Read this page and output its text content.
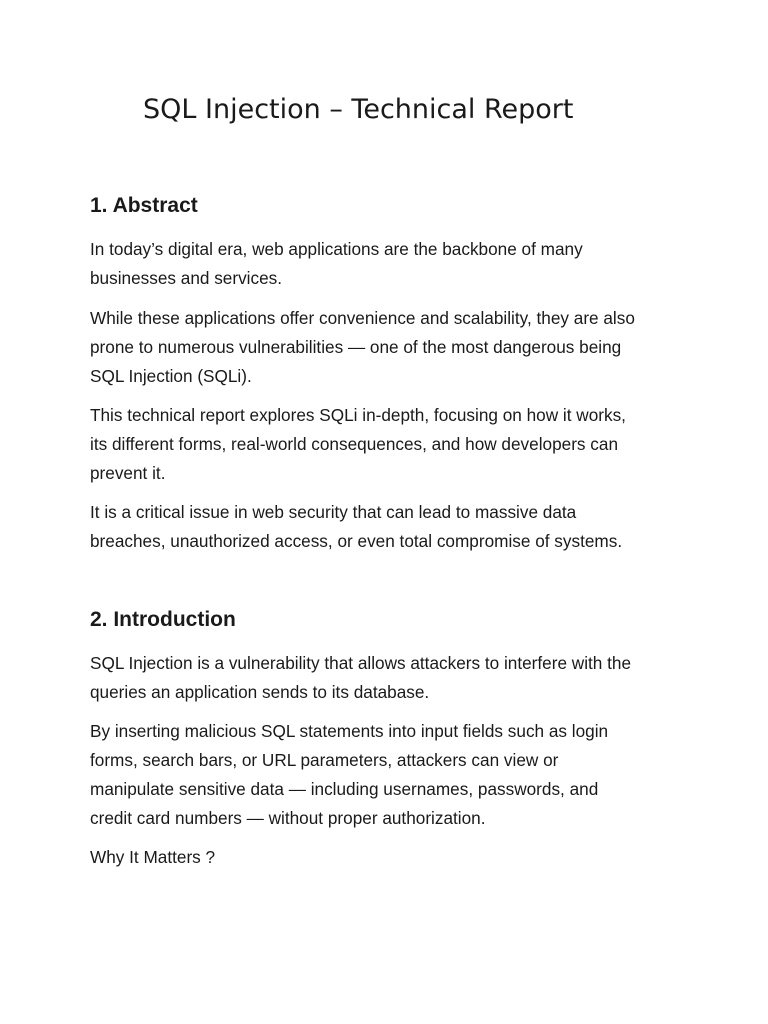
SQL Injection – Technical Report
1. Abstract

In today’s digital era, web applications are the backbone of many
businesses and services.

While these applications offer convenience and scalability, they are also
prone to numerous vulnerabilities — one of the most dangerous being
SQL Injection (SQLi).

This technical report explores SQLi in-depth, focusing on how it works,
its different forms, real-world consequences, and how developers can
prevent it.

It is a critical issue in web security that can lead to massive data
breaches, unauthorized access, or even total compromise of systems.

2. Introduction

SQL Injection is a vulnerability that allows attackers to interfere with the
queries an application sends to its database.

By inserting malicious SQL statements into input fields such as login
forms, search bars, or URL parameters, attackers can view or
manipulate sensitive data — including usernames, passwords, and
credit card numbers — without proper authorization.

Why It Matters ?
